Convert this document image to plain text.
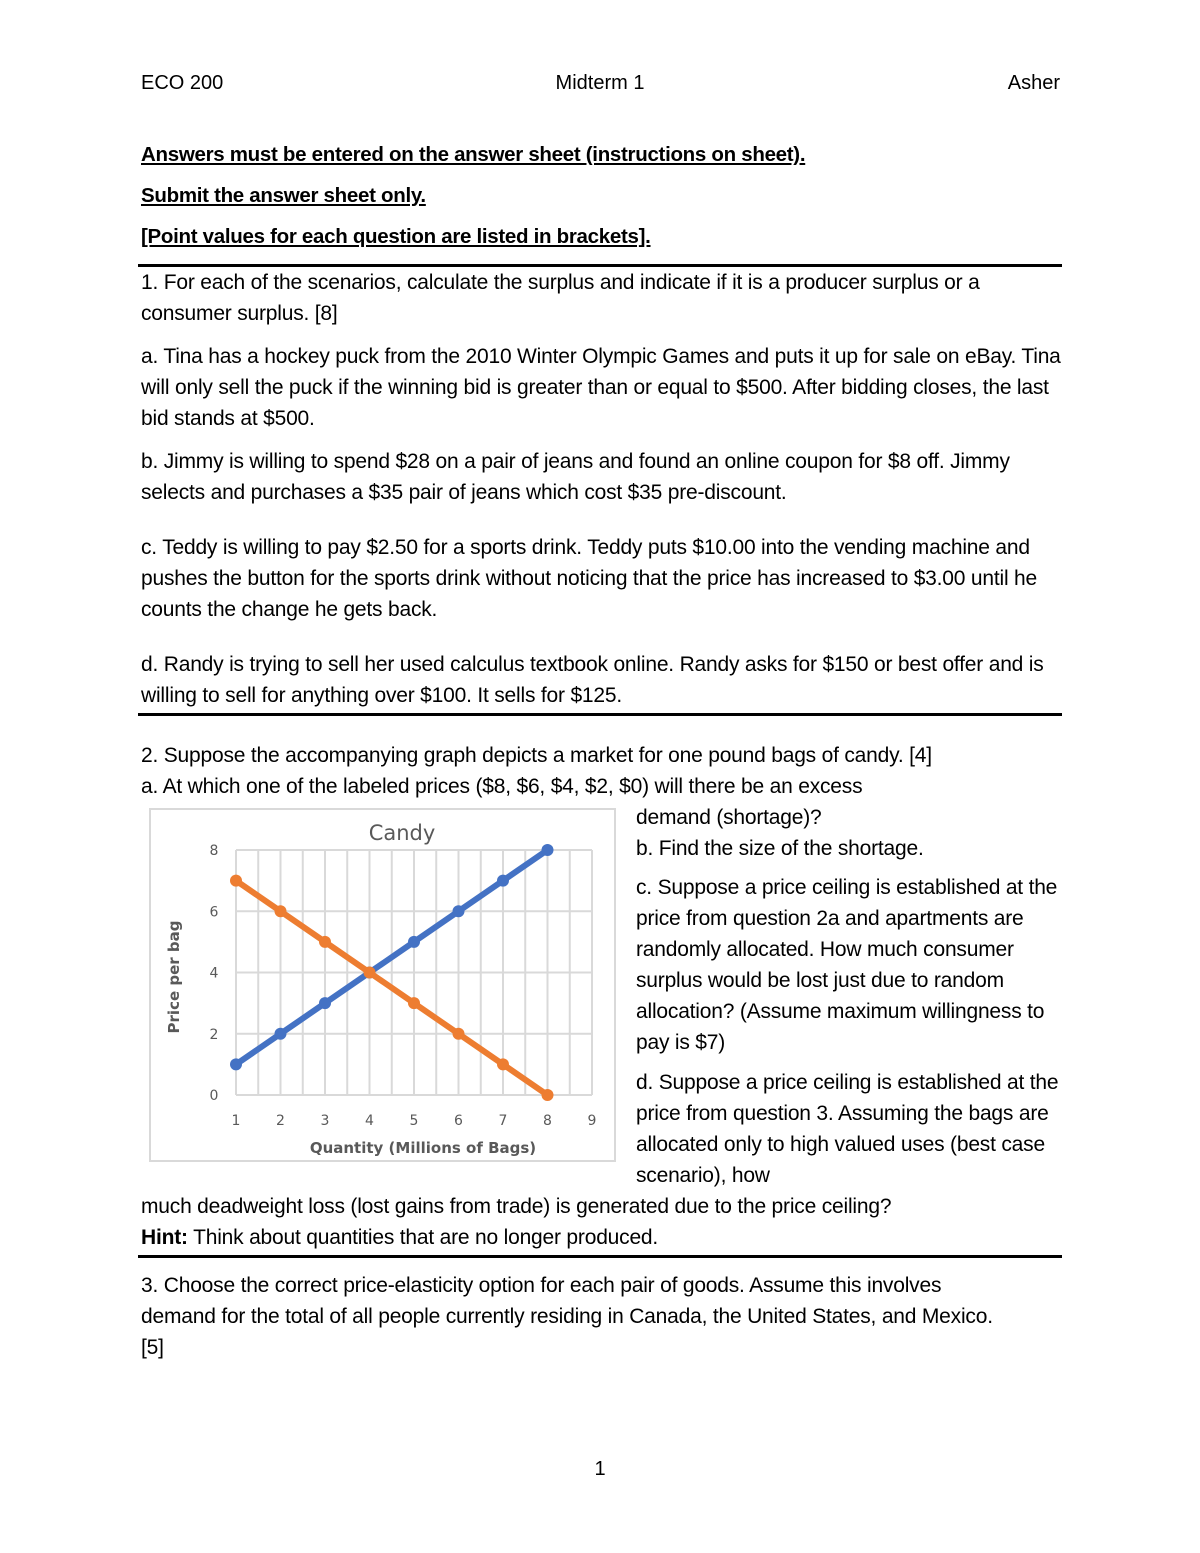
ECO 200	Midterm 1	Asher
Answers must be entered on the answer sheet (instructions on sheet).
Submit the answer sheet only.
[Point values for each question are listed in brackets].
1. For each of the scenarios, calculate the surplus and indicate if it is a producer surplus or a consumer surplus. [8]
a. Tina has a hockey puck from the 2010 Winter Olympic Games and puts it up for sale on eBay. Tina will only sell the puck if the winning bid is greater than or equal to $500. After bidding closes, the last bid stands at $500.
b. Jimmy is willing to spend $28 on a pair of jeans and found an online coupon for $8 off. Jimmy selects and purchases a $35 pair of jeans which cost $35 pre-discount.
c. Teddy is willing to pay $2.50 for a sports drink. Teddy puts $10.00 into the vending machine and pushes the button for the sports drink without noticing that the price has increased to $3.00 until he counts the change he gets back.
d. Randy is trying to sell her used calculus textbook online. Randy asks for $150 or best offer and is willing to sell for anything over $100. It sells for $125.
2. Suppose the accompanying graph depicts a market for one pound bags of candy. [4]
a. At which one of the labeled prices ($8, $6, $4, $2, $0) will there be an excess
demand (shortage)?
b. Find the size of the shortage.
c. Suppose a price ceiling is established at the price from question 2a and apartments are randomly allocated. How much consumer surplus would be lost just due to random allocation? (Assume maximum willingness to pay is $7)
d. Suppose a price ceiling is established at the price from question 3. Assuming the bags are allocated only to high valued uses (best case scenario), how
much deadweight loss (lost gains from trade) is generated due to the price ceiling?
Hint: Think about quantities that are no longer produced.
Candy
0
2
4
6
8
1	2	3	4	5	6	7	8	9
Price per bag
Quantity (Millions of Bags)
3. Choose the correct price-elasticity option for each pair of goods. Assume this involves demand for the total of all people currently residing in Canada, the United States, and Mexico. [5]
1
